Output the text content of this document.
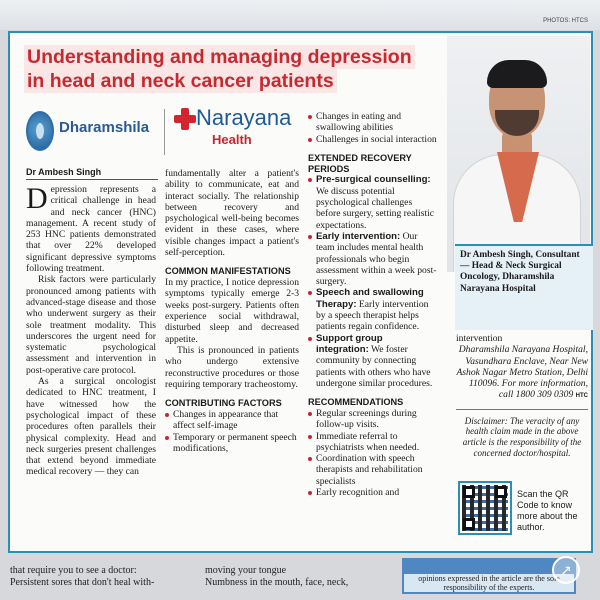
PHOTOS: HTCS
Understanding and managing depression
in head and neck cancer patients
Dharamshila Narayana
Health
Dr Ambesh Singh

Depression represents a critical challenge in head and neck cancer (HNC) management. A recent study of 253 HNC patients demonstrated that over 22% developed significant depressive symptoms following treatment.

Risk factors were particularly pronounced among patients with advanced-stage disease and those who underwent surgery as their sole treatment modality. This underscores the urgent need for systematic psychological assessment and intervention in post-operative care protocol.

As a surgical oncologist dedicated to HNC treatment, I have witnessed how the psychological impact of these procedures often parallels their physical complexity. Head and neck surgeries present challenges that extend beyond immediate medical recovery — they can

fundamentally alter a patient's ability to communicate, eat and interact socially. The relationship between recovery and psychological well-being becomes evident in these cases, where visible changes impact a patient's self-perception.

COMMON MANIFESTATIONS

In my practice, I notice depression symptoms typically emerge 2-3 weeks post-surgery. Patients often experience social withdrawal, disturbed sleep and decreased appetite.

This is pronounced in patients who undergo extensive reconstructive procedures or those requiring temporary tracheostomy.

CONTRIBUTING FACTORS
Changes in appearance that affect self-image
Temporary or permanent speech modifications,
Changes in eating and swallowing abilities
Challenges in social interaction
EXTENDED RECOVERY PERIODS
Pre-surgical counselling: We discuss potential psychological challenges before surgery, setting realistic expectations.
Early intervention: Our team includes mental health professionals who begin assessment within a week post-surgery.
Speech and swallowing Therapy: Early intervention by a speech therapist helps patients regain confidence.
Support group integration: We foster community by connecting patients with others who have undergone similar procedures.
RECOMMENDATIONS
Regular screenings during follow-up visits.
Immediate referral to psychiatrists when needed.
Coordination with speech therapists and rehabilitation specialists
Early recognition and
Dr Ambesh Singh, Consultant — Head & Neck Surgical Oncology, Dharamshila Narayana Hospital

intervention

Dharamshila Narayana Hospital, Vasundhara Enclave, Near New Ashok Nagar Metro Station, Delhi 110096. For more information, call 1800 309 0309 HTC

Disclaimer: The veracity of any health claim made in the above article is the responsibility of the concerned doctor/hospital.

Scan the QR Code to know more about the author.
that require you to see a doctor:
Persistent sores that don't heal with-
moving your tongue
Numbness in the mouth, face, neck,	opinions expressed in the article are the sole responsibility of the experts.
↗
